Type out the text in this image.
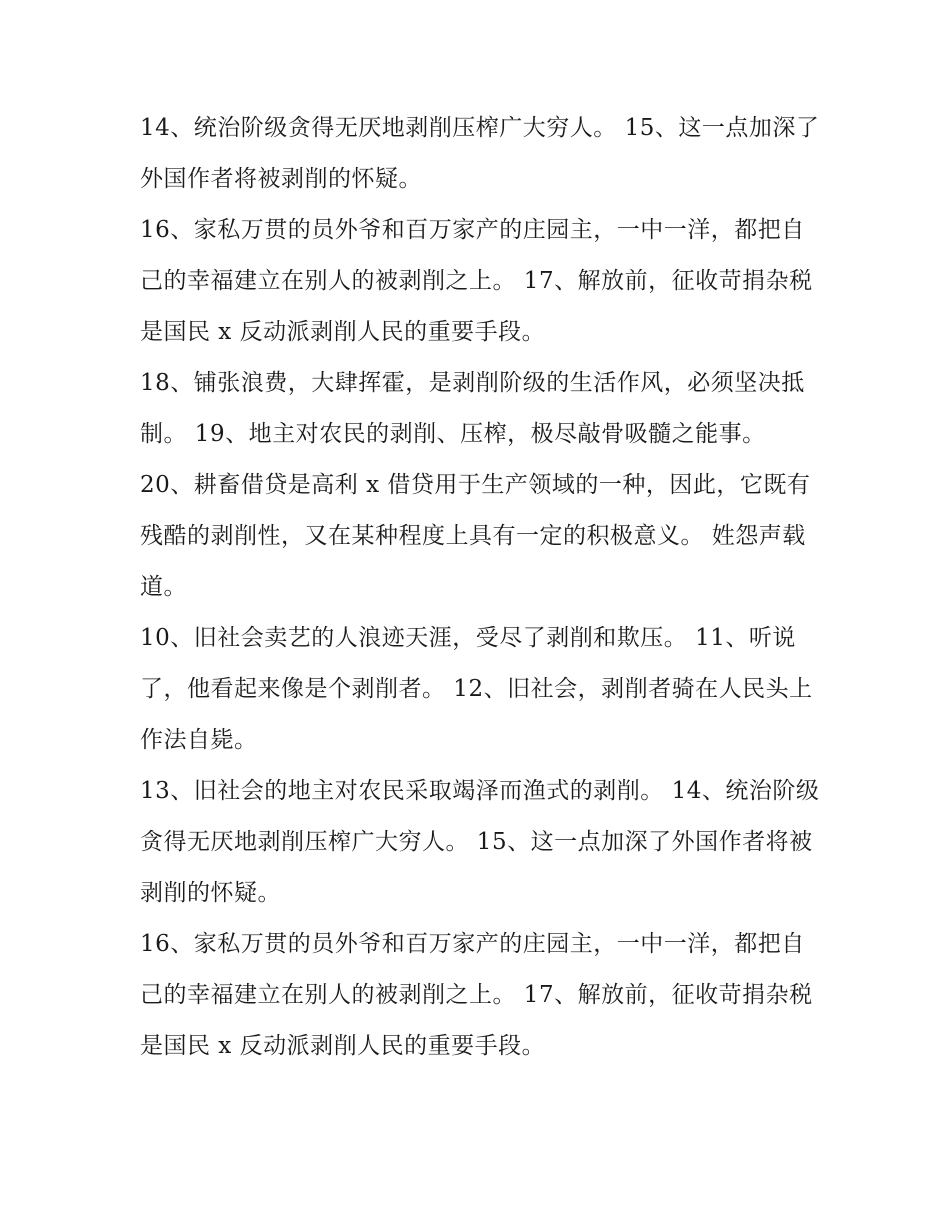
14、统治阶级贪得无厌地剥削压榨广大穷人。 15、这一点加深了外国作者将被剥削的怀疑。

16、家私万贯的员外爷和百万家产的庄园主，一中一洋，都把自己的幸福建立在别人的被剥削之上。 17、解放前，征收苛捐杂税是国民 x 反动派剥削人民的重要手段。

18、铺张浪费，大肆挥霍，是剥削阶级的生活作风，必须坚决抵制。 19、地主对农民的剥削、压榨，极尽敲骨吸髓之能事。

20、耕畜借贷是高利 x 借贷用于生产领域的一种，因此，它既有残酷的剥削性，又在某种程度上具有一定的积极意义。 姓怨声载道。

10、旧社会卖艺的人浪迹天涯，受尽了剥削和欺压。 11、听说了，他看起来像是个剥削者。 12、旧社会，剥削者骑在人民头上作法自毙。

13、旧社会的地主对农民采取竭泽而渔式的剥削。 14、统治阶级贪得无厌地剥削压榨广大穷人。 15、这一点加深了外国作者将被剥削的怀疑。

16、家私万贯的员外爷和百万家产的庄园主，一中一洋，都把自己的幸福建立在别人的被剥削之上。 17、解放前，征收苛捐杂税是国民 x 反动派剥削人民的重要手段。
